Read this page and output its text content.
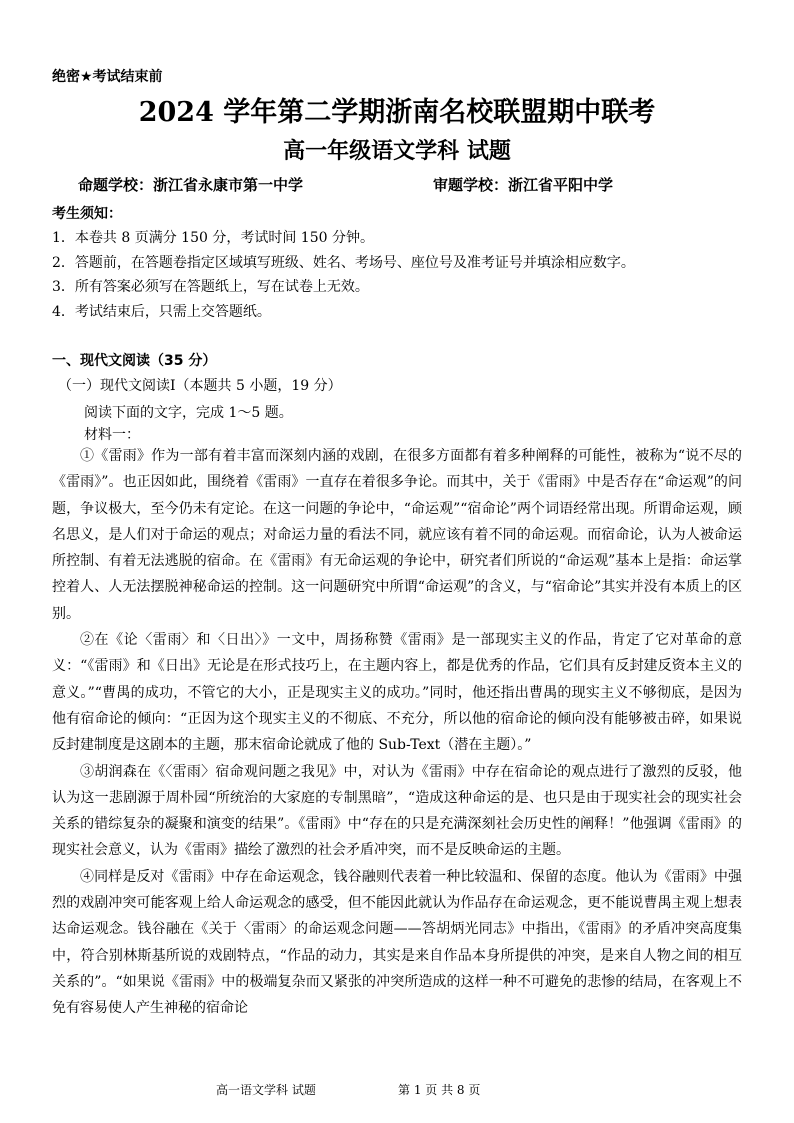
绝密★考试结束前
2024 学年第二学期浙南名校联盟期中联考
高一年级语文学科 试题
命题学校：浙江省永康市第一中学	审题学校：浙江省平阳中学
考生须知：
1．本卷共 8 页满分 150 分，考试时间 150 分钟。
2．答题前，在答题卷指定区域填写班级、姓名、考场号、座位号及准考证号并填涂相应数字。
3．所有答案必须写在答题纸上，写在试卷上无效。
4．考试结束后，只需上交答题纸。
一、现代文阅读（35 分）
（一）现代文阅读Ⅰ（本题共 5 小题，19 分）
阅读下面的文字，完成 1～5 题。
材料一：

①《雷雨》作为一部有着丰富而深刻内涵的戏剧，在很多方面都有着多种阐释的可能性，被称为“说不尽的《雷雨》”。也正因如此，围绕着《雷雨》一直存在着很多争论。而其中，关于《雷雨》中是否存在“命运观”的问题，争议极大，至今仍未有定论。在这一问题的争论中，“命运观”“宿命论”两个词语经常出现。所谓命运观，顾名思义，是人们对于命运的观点；对命运力量的看法不同，就应该有着不同的命运观。而宿命论，认为人被命运所控制、有着无法逃脱的宿命。在《雷雨》有无命运观的争论中，研究者们所说的“命运观”基本上是指：命运掌控着人、人无法摆脱神秘命运的控制。这一问题研究中所谓“命运观”的含义，与“宿命论”其实并没有本质上的区别。

②在《论〈雷雨〉和〈日出〉》一文中，周扬称赞《雷雨》是一部现实主义的作品，肯定了它对革命的意义：“《雷雨》和《日出》无论是在形式技巧上，在主题内容上，都是优秀的作品，它们具有反封建反资本主义的意义。”“曹禺的成功，不管它的大小，正是现实主义的成功。”同时，他还指出曹禺的现实主义不够彻底，是因为他有宿命论的倾向：“正因为这个现实主义的不彻底、不充分，所以他的宿命论的倾向没有能够被击碎，如果说反封建制度是这剧本的主题，那末宿命论就成了他的 Sub-Text（潜在主题）。”

③胡润森在《〈雷雨〉宿命观问题之我见》中，对认为《雷雨》中存在宿命论的观点进行了激烈的反驳，他认为这一悲剧源于周朴园“所统治的大家庭的专制黑暗”，“造成这种命运的是、也只是由于现实社会的现实社会关系的错综复杂的凝聚和演变的结果”。《雷雨》中“存在的只是充满深刻社会历史性的阐释！”他强调《雷雨》的现实社会意义，认为《雷雨》描绘了激烈的社会矛盾冲突，而不是反映命运的主题。

④同样是反对《雷雨》中存在命运观念，钱谷融则代表着一种比较温和、保留的态度。他认为《雷雨》中强烈的戏剧冲突可能客观上给人命运观念的感受，但不能因此就认为作品存在命运观念，更不能说曹禺主观上想表达命运观念。钱谷融在《关于〈雷雨〉的命运观念问题——答胡炳光同志》中指出，《雷雨》的矛盾冲突高度集中，符合别林斯基所说的戏剧特点，“作品的动力，其实是来自作品本身所提供的冲突，是来自人物之间的相互关系的”。“如果说《雷雨》中的极端复杂而又紧张的冲突所造成的这样一种不可避免的悲惨的结局，在客观上不免有容易使人产生神秘的宿命论

高一语文学科 试题	第 1 页 共 8 页
